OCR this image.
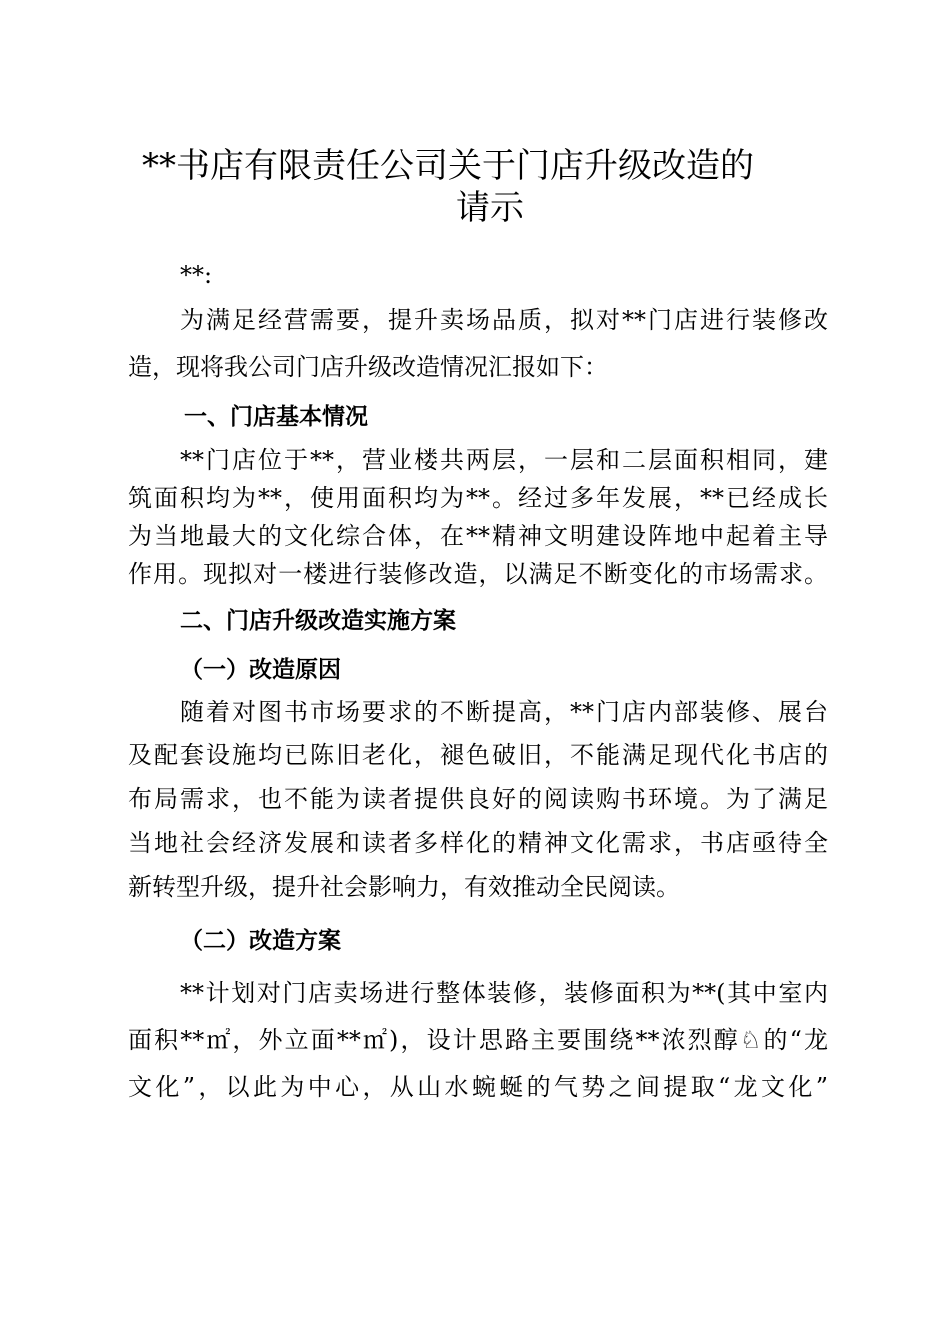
**书店有限责任公司关于门店升级改造的
请示
**:
为满足经营需要，提升卖场品质，拟对**门店进行装修改
造，现将我公司门店升级改造情况汇报如下：
一、门店基本情况
**门店位于**，营业楼共两层，一层和二层面积相同，建
筑面积均为**，使用面积均为**。经过多年发展，**已经成长
为当地最大的文化综合体，在**精神文明建设阵地中起着主导
作用。现拟对一楼进行装修改造，以满足不断变化的市场需求。
二、门店升级改造实施方案
（一）改造原因
随着对图书市场要求的不断提高，**门店内部装修、展台
及配套设施均已陈旧老化，褪色破旧，不能满足现代化书店的
布局需求，也不能为读者提供良好的阅读购书环境。为了满足
当地社会经济发展和读者多样化的精神文化需求，书店亟待全
新转型升级，提升社会影响力，有效推动全民阅读。
（二）改造方案
**计划对门店卖场进行整体装修，装修面积为**(其中室内
面积**㎡，外立面**㎡)，设计思路主要围绕**浓烈醇♘的“龙
文化”，以此为中心，从山水蜿蜒的气势之间提取“龙文化”
